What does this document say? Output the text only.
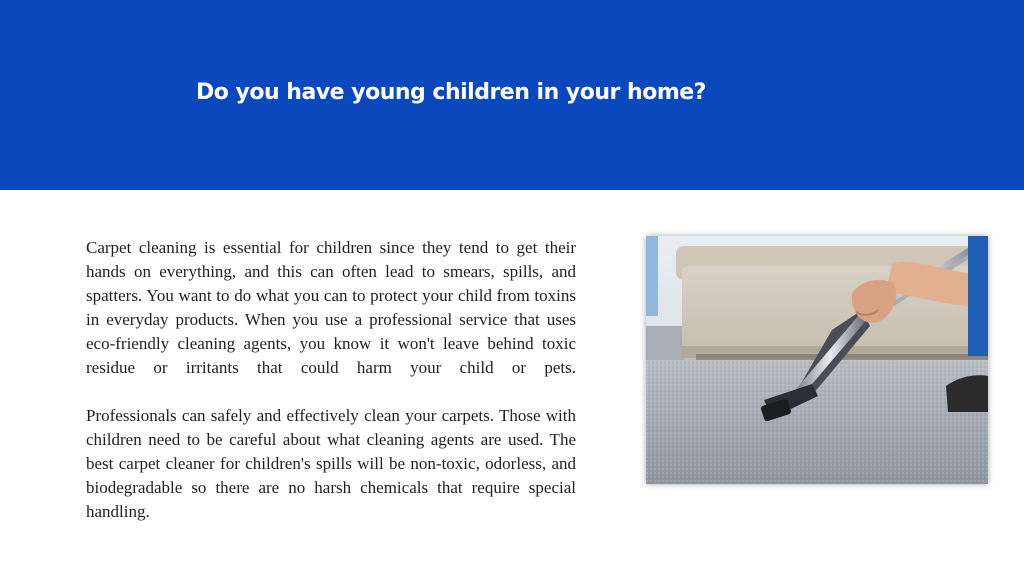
Do you have young children in your home?

Carpet cleaning is essential for children since they tend to get their hands on everything, and this can often lead to smears, spills, and spatters. You want to do what you can to protect your child from toxins in everyday products. When you use a professional service that uses eco-friendly cleaning agents, you know it won't leave behind toxic residue or irritants that could harm your child or pets.

Professionals can safely and effectively clean your carpets. Those with children need to be careful about what cleaning agents are used. The best carpet cleaner for children's spills will be non-toxic, odorless, and biodegradable so there are no harsh chemicals that require special handling.
